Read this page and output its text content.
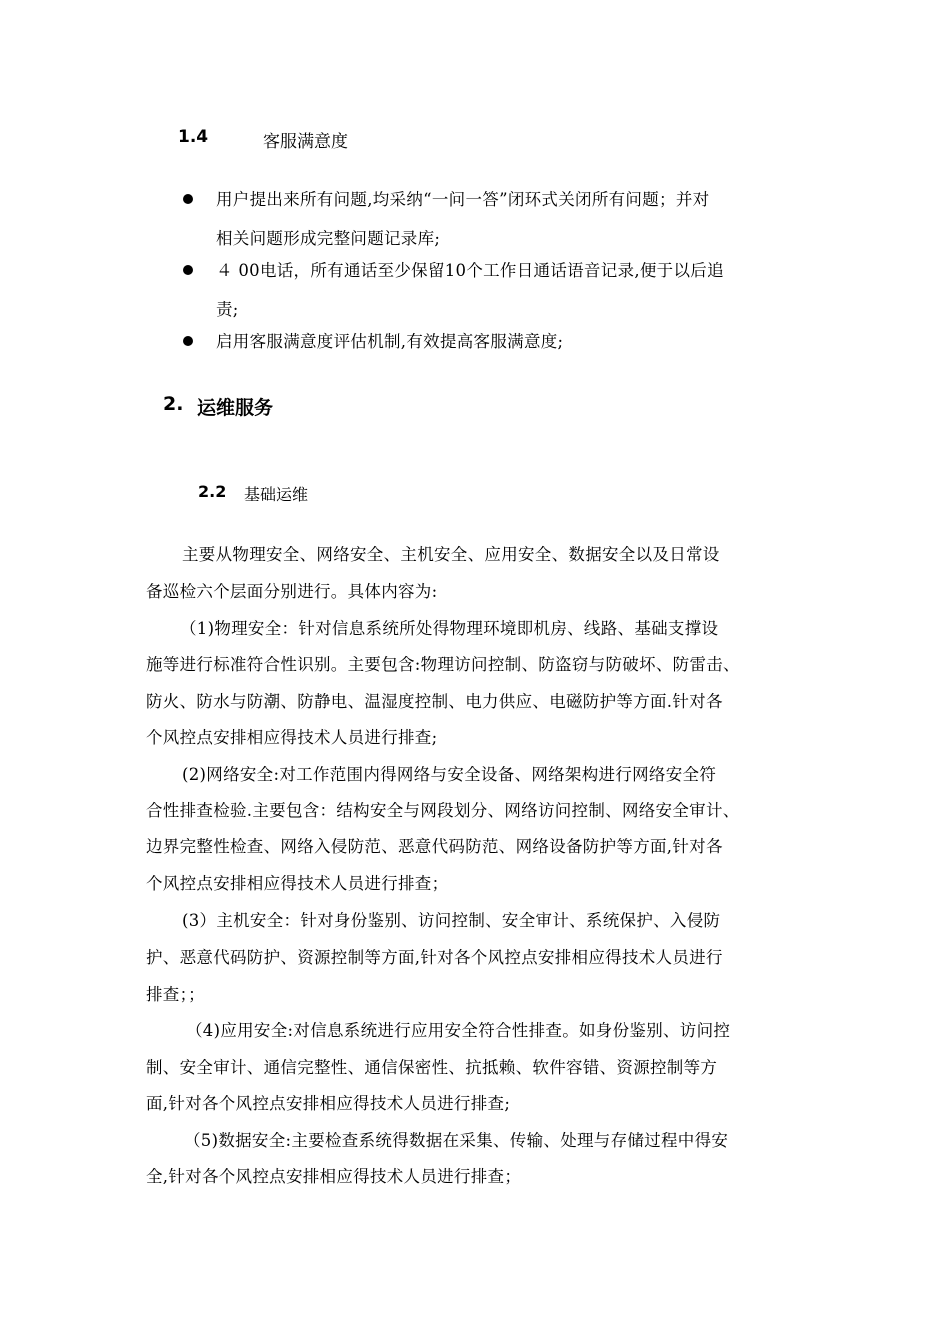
1.4	客服满意度
用户提出来所有问题,均采纳“一问一答”闭环式关闭所有问题；并对
相关问题形成完整问题记录库;
４ 00电话，所有通话至少保留10个工作日通话语音记录,便于以后追
责;
启用客服满意度评估机制,有效提高客服满意度;
2. 运维服务
2.2 基础运维
主要从物理安全、网络安全、主机安全、应用安全、数据安全以及日常设
备巡检六个层面分别进行。具体内容为:
（1)物理安全：针对信息系统所处得物理环境即机房、线路、基础支撑设
施等进行标准符合性识别。主要包含:物理访问控制、防盗窃与防破坏、防雷击、
防火、防水与防潮、防静电、温湿度控制、电力供应、电磁防护等方面.针对各
个风控点安排相应得技术人员进行排查;
(2)网络安全:对工作范围内得网络与安全设备、网络架构进行网络安全符
合性排查检验.主要包含：结构安全与网段划分、网络访问控制、网络安全审计、
边界完整性检查、网络入侵防范、恶意代码防范、网络设备防护等方面,针对各
个风控点安排相应得技术人员进行排查；
(3）主机安全：针对身份鉴别、访问控制、安全审计、系统保护、入侵防
护、恶意代码防护、资源控制等方面,针对各个风控点安排相应得技术人员进行
排查；；
（4)应用安全:对信息系统进行应用安全符合性排查。如身份鉴别、访问控
制、安全审计、通信完整性、通信保密性、抗抵赖、软件容错、资源控制等方
面,针对各个风控点安排相应得技术人员进行排查;
（5)数据安全:主要检查系统得数据在采集、传输、处理与存储过程中得安
全,针对各个风控点安排相应得技术人员进行排查；
